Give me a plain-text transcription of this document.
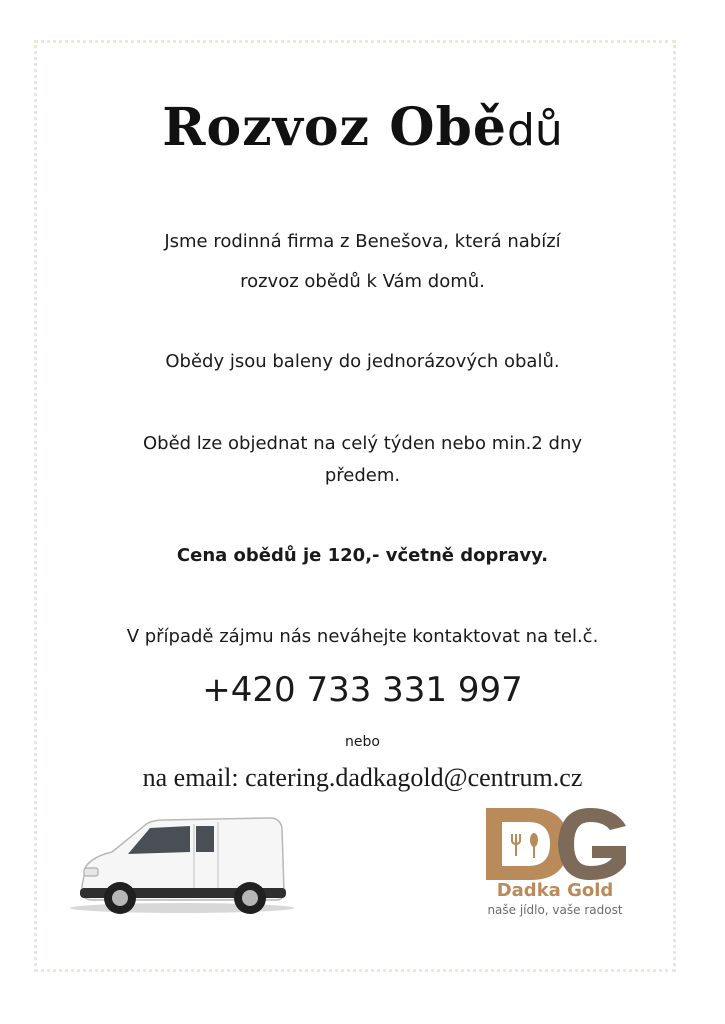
Rozvoz Obědů
Jsme rodinná firma z Benešova, která nabízí
rozvoz obědů k Vám domů.
Obědy jsou baleny do jednorázových obalů.
Oběd lze objednat na celý týden nebo min.2 dny
předem.
Cena obědů je 120,- včetně dopravy.
V případě zájmu nás neváhejte kontaktovat na tel.č.
+420 733 331 997
nebo
na email: catering.dadkagold@centrum.cz
Dadka Gold
naše jídlo, vaše radost
